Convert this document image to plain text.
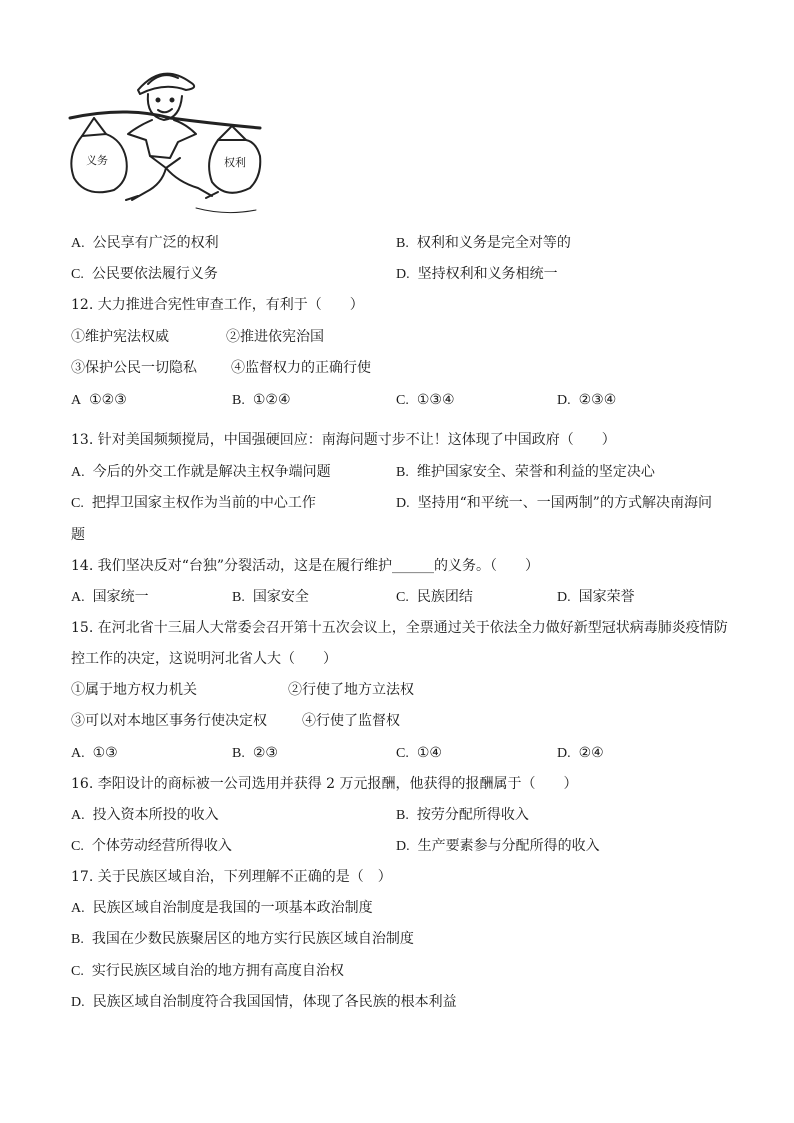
义务	权利
A. 公民享有广泛的权利	B. 权利和义务是完全对等的
C. 公民要依法履行义务	D. 坚持权利和义务相统一
12. 大力推进合宪性审查工作，有利于（　　）
①维护宪法权威	②推进依宪治国
③保护公民一切隐私 ④监督权力的正确行使
A ①②③	B. ①②④	C. ①③④	D. ②③④
13. 针对美国频频搅局，中国强硬回应：南海问题寸步不让！这体现了中国政府（　　）
A. 今后的外交工作就是解决主权争端问题	B. 维护国家安全、荣誉和利益的坚定决心
C. 把捍卫国家主权作为当前的中心工作	D. 坚持用“和平统一、一国两制”的方式解决南海问
题
14. 我们坚决反对“台独”分裂活动，这是在履行维护______的义务。（　　）
A. 国家统一	B. 国家安全	C. 民族团结	D. 国家荣誉
15. 在河北省十三届人大常委会召开第十五次会议上，全票通过关于依法全力做好新型冠状病毒肺炎疫情防
控工作的决定，这说明河北省人大（　　）
①属于地方权力机关	②行使了地方立法权
③可以对本地区事务行使决定权	④行使了监督权
A. ①③	B. ②③	C. ①④	D. ②④
16. 李阳设计的商标被一公司选用并获得 2 万元报酬，他获得的报酬属于（　　）
A. 投入资本所投的收入	B. 按劳分配所得收入
C. 个体劳动经营所得收入	D. 生产要素参与分配所得的收入
17. 关于民族区域自治，下列理解不正确的是（　）
A. 民族区域自治制度是我国的一项基本政治制度
B. 我国在少数民族聚居区的地方实行民族区域自治制度
C. 实行民族区域自治的地方拥有高度自治权
D. 民族区域自治制度符合我国国情，体现了各民族的根本利益
